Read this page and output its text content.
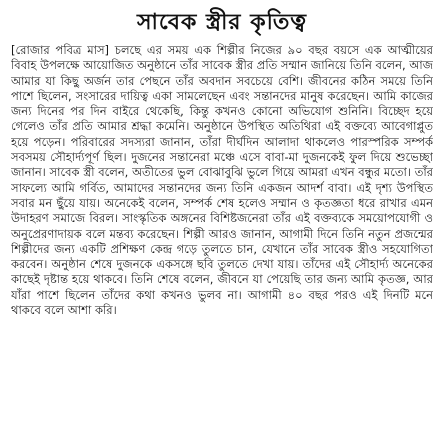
সাবেক স্ত্রীর কৃতিত্ব

[রোজার পবিত্র মাস] চলছে এর সময় এক শিল্পীর নিজের ৯০ বছর বয়সে এক আত্মীয়ের বিবাহ উপলক্ষে আয়োজিত অনুষ্ঠানে তাঁর সাবেক স্ত্রীর প্রতি সম্মান জানিয়ে তিনি বলেন, আজ আমার যা কিছু অর্জন তার পেছনে তাঁর অবদান সবচেয়ে বেশি। জীবনের কঠিন সময়ে তিনি পাশে ছিলেন, সংসারের দায়িত্ব একা সামলেছেন এবং সন্তানদের মানুষ করেছেন। আমি কাজের জন্য দিনের পর দিন বাইরে থেকেছি, কিন্তু কখনও কোনো অভিযোগ শুনিনি। বিচ্ছেদ হয়ে গেলেও তাঁর প্রতি আমার শ্রদ্ধা কমেনি। অনুষ্ঠানে উপস্থিত অতিথিরা এই বক্তব্যে আবেগাপ্লুত হয়ে পড়েন। পরিবারের সদস্যরা জানান, তাঁরা দীর্ঘদিন আলাদা থাকলেও পারস্পরিক সম্পর্ক সবসময় সৌহার্দ্যপূর্ণ ছিল। দুজনের সন্তানেরা মঞ্চে এসে বাবা-মা দুজনকেই ফুল দিয়ে শুভেচ্ছা জানান। সাবেক স্ত্রী বলেন, অতীতের ভুল বোঝাবুঝি ভুলে গিয়ে আমরা এখন বন্ধুর মতো। তাঁর সাফল্যে আমি গর্বিত, আমাদের সন্তানদের জন্য তিনি একজন আদর্শ বাবা। এই দৃশ্য উপস্থিত সবার মন ছুঁয়ে যায়। অনেকেই বলেন, সম্পর্ক শেষ হলেও সম্মান ও কৃতজ্ঞতা ধরে রাখার এমন উদাহরণ সমাজে বিরল। সাংস্কৃতিক অঙ্গনের বিশিষ্টজনেরা তাঁর এই বক্তব্যকে সময়োপযোগী ও অনুপ্রেরণাদায়ক বলে মন্তব্য করেছেন। শিল্পী আরও জানান, আগামী দিনে তিনি নতুন প্রজন্মের শিল্পীদের জন্য একটি প্রশিক্ষণ কেন্দ্র গড়ে তুলতে চান, যেখানে তাঁর সাবেক স্ত্রীও সহযোগিতা করবেন। অনুষ্ঠান শেষে দুজনকে একসঙ্গে ছবি তুলতে দেখা যায়। তাঁদের এই সৌহার্দ্য অনেকের কাছেই দৃষ্টান্ত হয়ে থাকবে। তিনি শেষে বলেন, জীবনে যা পেয়েছি তার জন্য আমি কৃতজ্ঞ, আর যাঁরা পাশে ছিলেন তাঁদের কথা কখনও ভুলব না। আগামী ৪০ বছর পরও এই দিনটি মনে থাকবে বলে আশা করি।
